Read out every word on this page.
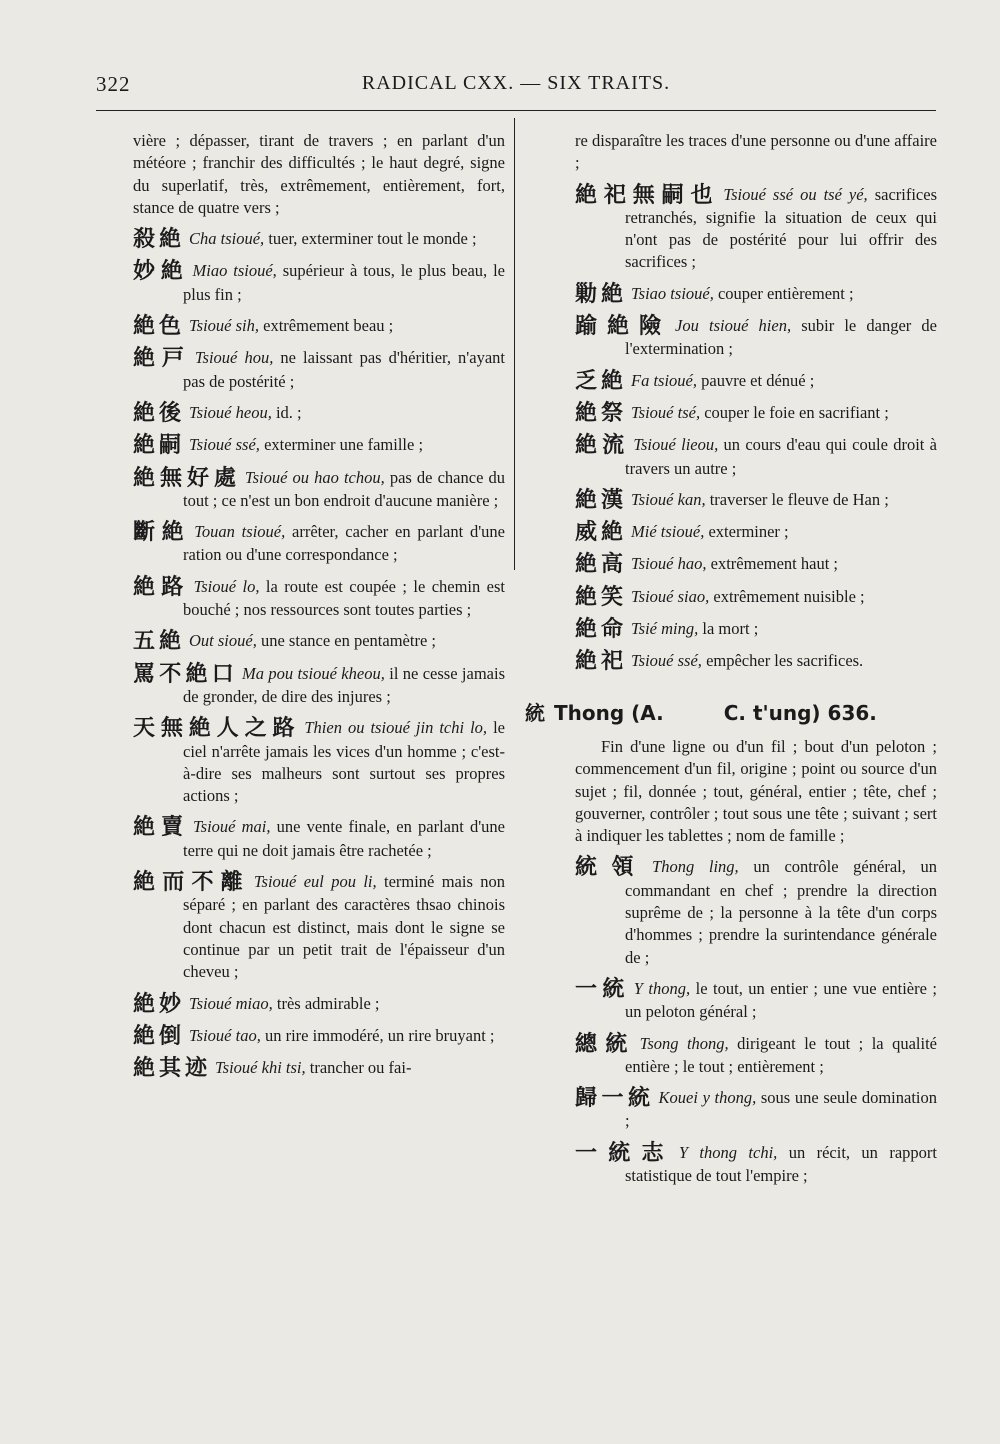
322	RADICAL CXX. — SIX TRAITS.
vière ; dépasser, tirant de travers ; en parlant d'un météore ; franchir des difficultés ; le haut degré, signe du superlatif, très, extrêmement, entièrement, fort, stance de quatre vers ;
殺絶 Cha tsioué, tuer, exterminer tout le monde ;
妙絶 Miao tsioué, supérieur à tous, le plus beau, le plus fin ;
絶色 Tsioué sih, extrêmement beau ;
絶戸 Tsioué hou, ne laissant pas d'héritier, n'ayant pas de postérité ;
絶後 Tsioué heou, id. ;
絶嗣 Tsioué ssé, exterminer une famille ;
絶無好處 Tsioué ou hao tchou, pas de chance du tout ; ce n'est un bon endroit d'aucune manière ;
斷絶 Touan tsioué, arrêter, cacher en parlant d'une ration ou d'une correspondance ;
絶路 Tsioué lo, la route est coupée ; le chemin est bouché ; nos ressources sont toutes parties ;
五絶 Out sioué, une stance en pentamètre ;
罵不絶口 Ma pou tsioué kheou, il ne cesse jamais de gronder, de dire des injures ;
天無絶人之路 Thien ou tsioué jin tchi lo, le ciel n'arrête jamais les vices d'un homme ; c'est-à-dire ses malheurs sont surtout ses propres actions ;
絶賣 Tsioué mai, une vente finale, en parlant d'une terre qui ne doit jamais être rachetée ;
絶而不離 Tsioué eul pou li, terminé mais non séparé ; en parlant des caractères thsao chinois dont chacun est distinct, mais dont le signe se continue par un petit trait de l'épaisseur d'un cheveu ;
絶妙 Tsioué miao, très admirable ;
絶倒 Tsioué tao, un rire immodéré, un rire bruyant ;
絶其迹 Tsioué khi tsi, trancher ou fai-
re disparaître les traces d'une personne ou d'une affaire ;
絶祀無嗣也 Tsioué ssé ou tsé yé, sacrifices retranchés, signifie la situation de ceux qui n'ont pas de postérité pour lui offrir des sacrifices ;
勦絶 Tsiao tsioué, couper entièrement ;
踰絶險 Jou tsioué hien, subir le danger de l'extermination ;
乏絶 Fa tsioué, pauvre et dénué ;
絶祭 Tsioué tsé, couper le foie en sacrifiant ;
絶流 Tsioué lieou, un cours d'eau qui coule droit à travers un autre ;
絶漢 Tsioué kan, traverser le fleuve de Han ;
威絶 Mié tsioué, exterminer ;
絶高 Tsioué hao, extrêmement haut ;
絶笑 Tsioué siao, extrêmement nuisible ;
絶命 Tsié ming, la mort ;
絶祀 Tsioué ssé, empêcher les sacrifices.
統 Thong (A.	C. t'ung) 636.
Fin d'une ligne ou d'un fil ; bout d'un peloton ; commencement d'un fil, origine ; point ou source d'un sujet ; fil, donnée ; tout, général, entier ; tête, chef ; gouverner, contrôler ; tout sous une tête ; suivant ; sert à indiquer les tablettes ; nom de famille ;
統領 Thong ling, un contrôle général, un commandant en chef ; prendre la direction suprême de ; la personne à la tête d'un corps d'hommes ; prendre la surintendance générale de ;
一統 Y thong, le tout, un entier ; une vue entière ; un peloton général ;
總統 Tsong thong, dirigeant le tout ; la qualité entière ; le tout ; entièrement ;
歸一統 Kouei y thong, sous une seule domination ;
一統志 Y thong tchi, un récit, un rapport statistique de tout l'empire ;
